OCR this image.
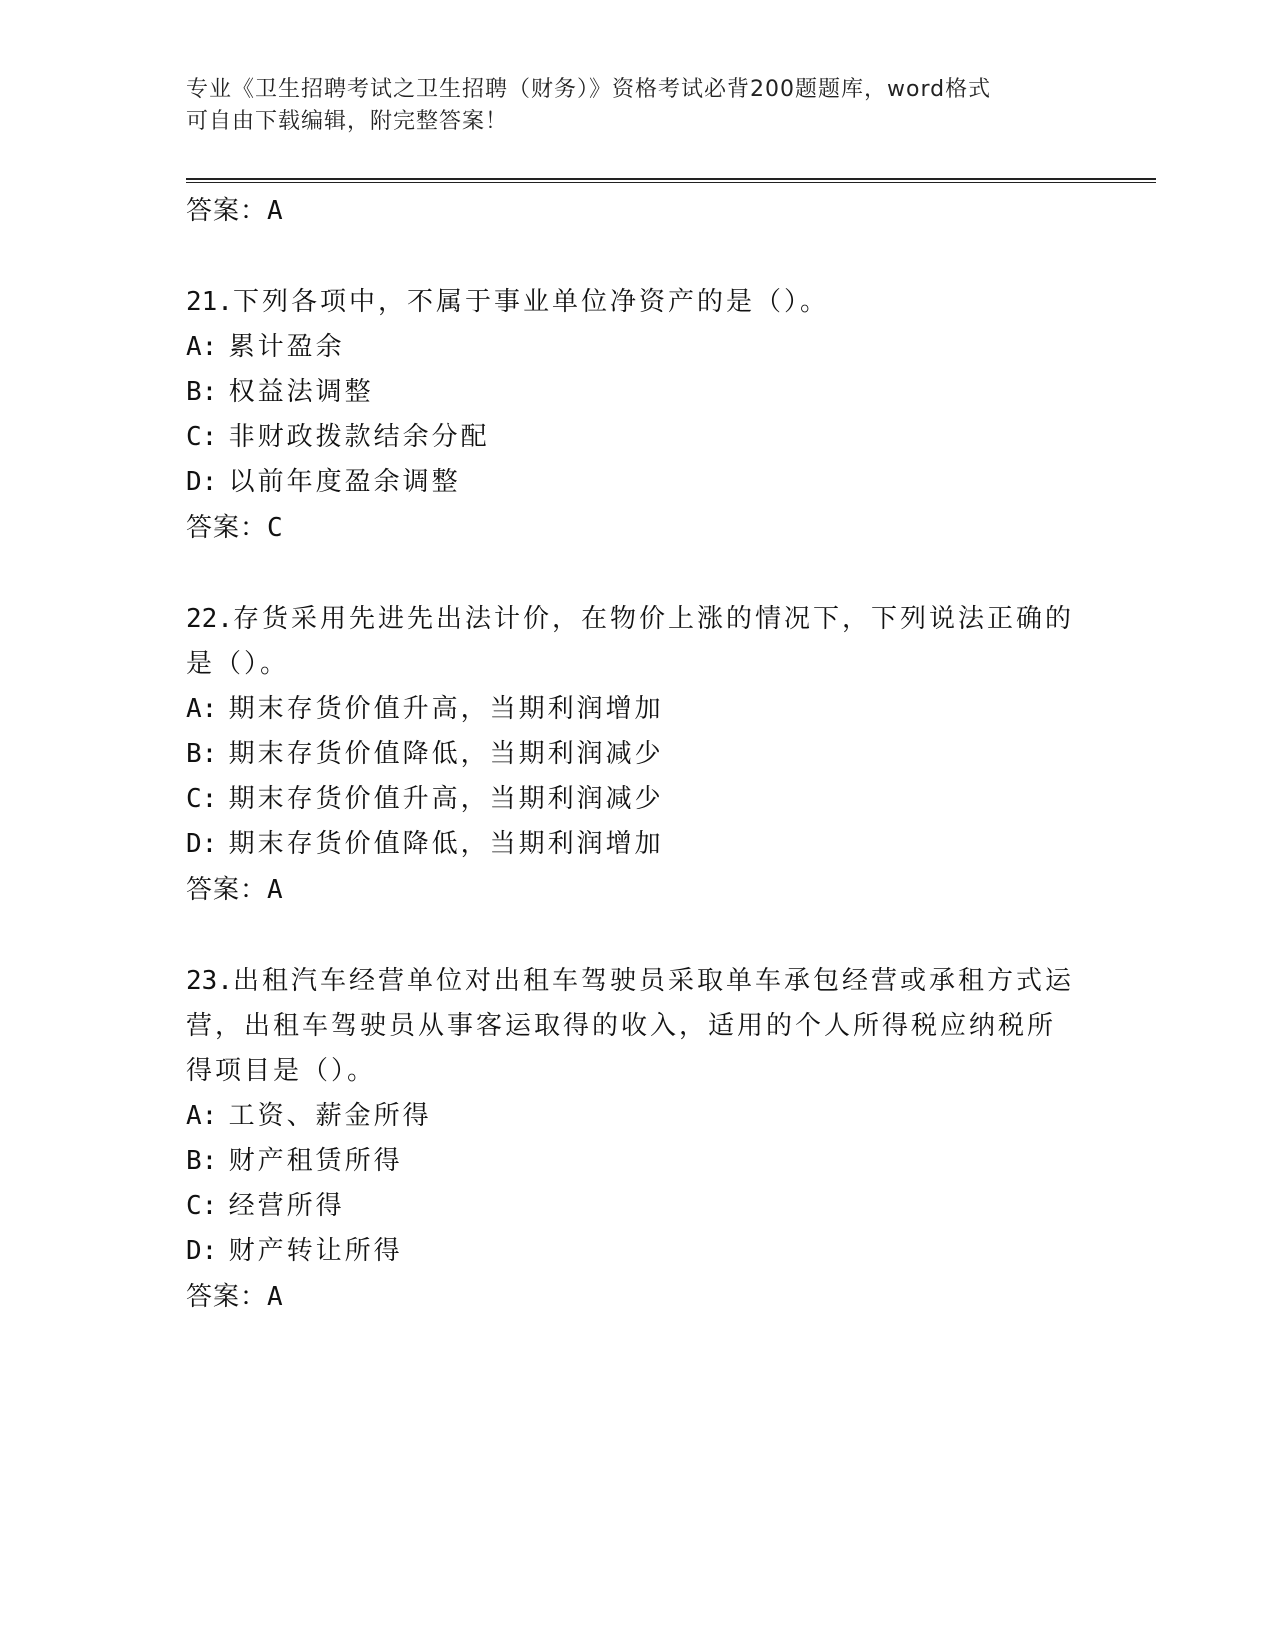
专业《卫生招聘考试之卫生招聘（财务）》资格考试必背200题题库，word格式
可自由下载编辑，附完整答案！
答案：A
21.下列各项中，不属于事业单位净资产的是（）。
A: 累计盈余
B: 权益法调整
C: 非财政拨款结余分配
D: 以前年度盈余调整
答案：C
22.存货采用先进先出法计价，在物价上涨的情况下，下列说法正确的
是（）。
A: 期末存货价值升高，当期利润增加
B: 期末存货价值降低，当期利润减少
C: 期末存货价值升高，当期利润减少
D: 期末存货价值降低，当期利润增加
答案：A
23.出租汽车经营单位对出租车驾驶员采取单车承包经营或承租方式运
营，出租车驾驶员从事客运取得的收入，适用的个人所得税应纳税所
得项目是（）。
A: 工资、薪金所得
B: 财产租赁所得
C: 经营所得
D: 财产转让所得
答案：A
